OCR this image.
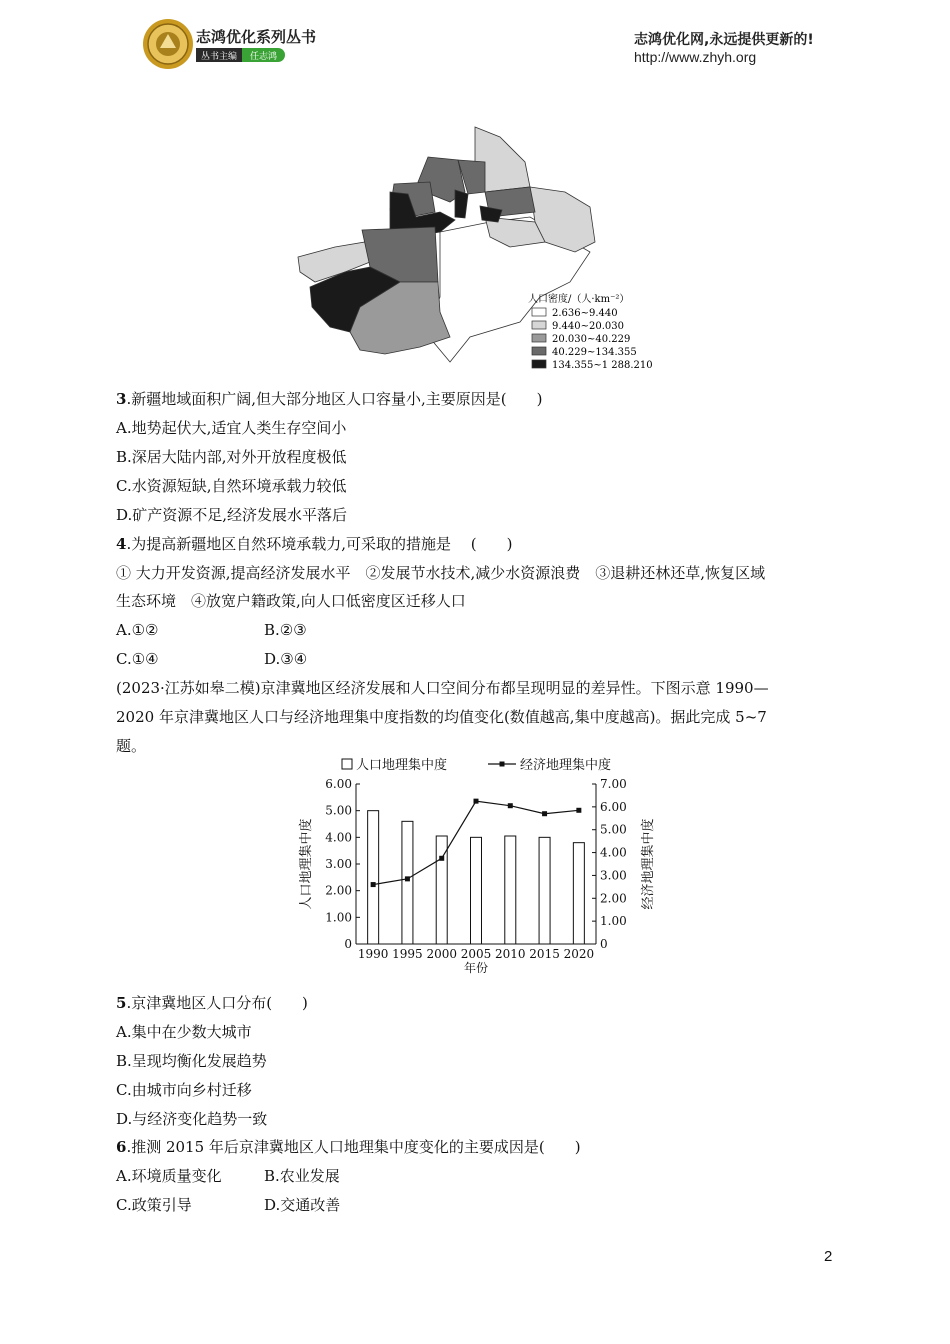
志鸿优化系列丛书
丛书主编	任志鸿
志鸿优化网,永远提供更新的!
http://www.zhyh.org
人口密度/（人·km⁻²）
2.636~9.440
9.440~20.030
20.030~40.229
40.229~134.355
134.355~1 288.210
3.新疆地域面积广阔,但大部分地区人口容量小,主要原因是(　　)
A.地势起伏大,适宜人类生存空间小
B.深居大陆内部,对外开放程度极低
C.水资源短缺,自然环境承载力较低
D.矿产资源不足,经济发展水平落后
4.为提高新疆地区自然环境承载力,可采取的措施是　 (　　)
① 大力开发资源,提高经济发展水平　②发展节水技术,减少水资源浪费　③退耕还林还草,恢复区域
生态环境　④放宽户籍政策,向人口低密度区迁移人口
A.①②	B.②③
C.①④	D.③④
(2023·江苏如皋二模)京津冀地区经济发展和人口空间分布都呈现明显的差异性。下图示意 1990—
2020 年京津冀地区人口与经济地理集中度指数的均值变化(数值越高,集中度越高)。据此完成 5~7
题。
0
1.00
2.00
3.00
4.00
5.00
6.00
0
1.00
2.00
3.00
4.00
5.00
6.00
7.00
1990 1995 2000 2005 2010 2015 2020
年份
人口地理集中度	经济地理集中度
人口地理集中度	经济地理集中度
5.京津冀地区人口分布(　　)
A.集中在少数大城市
B.呈现均衡化发展趋势
C.由城市向乡村迁移
D.与经济变化趋势一致
6.推测 2015 年后京津冀地区人口地理集中度变化的主要成因是(　　)
A.环境质量变化	B.农业发展
C.政策引导	D.交通改善
2
